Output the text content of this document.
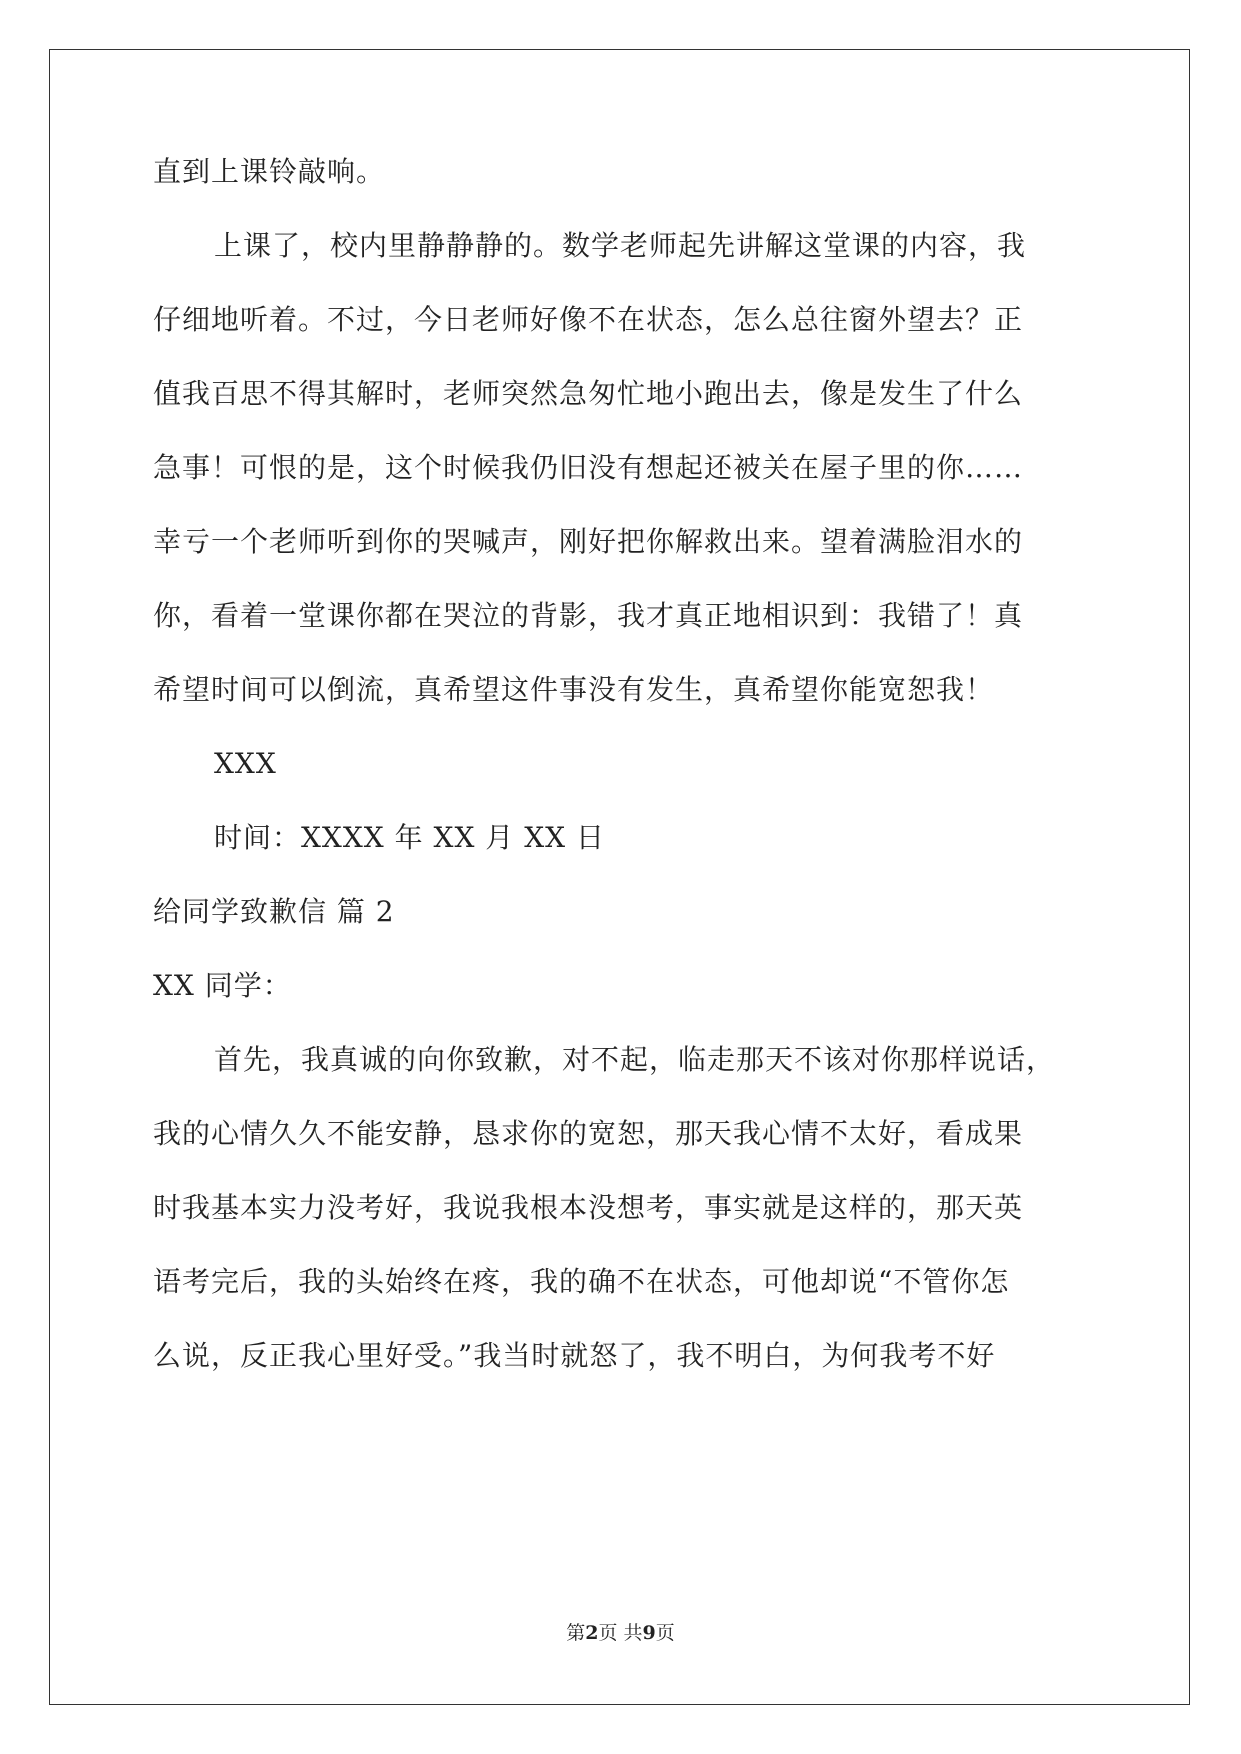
直到上课铃敲响。
上课了，校内里静静静的。数学老师起先讲解这堂课的内容，我
仔细地听着。不过，今日老师好像不在状态，怎么总往窗外望去？正
值我百思不得其解时，老师突然急匆忙地小跑出去，像是发生了什么
急事！可恨的是，这个时候我仍旧没有想起还被关在屋子里的你……
幸亏一个老师听到你的哭喊声，刚好把你解救出来。望着满脸泪水的
你，看着一堂课你都在哭泣的背影，我才真正地相识到：我错了！真
希望时间可以倒流，真希望这件事没有发生，真希望你能宽恕我！
XXX
时间：XXXX 年 XX 月 XX 日
给同学致歉信 篇 2
XX 同学：
首先，我真诚的向你致歉，对不起，临走那天不该对你那样说话，
我的心情久久不能安静，恳求你的宽恕，那天我心情不太好，看成果
时我基本实力没考好，我说我根本没想考，事实就是这样的，那天英
语考完后，我的头始终在疼，我的确不在状态，可他却说“不管你怎
么说，反正我心里好受。”我当时就怒了，我不明白，为何我考不好
第2页 共9页
